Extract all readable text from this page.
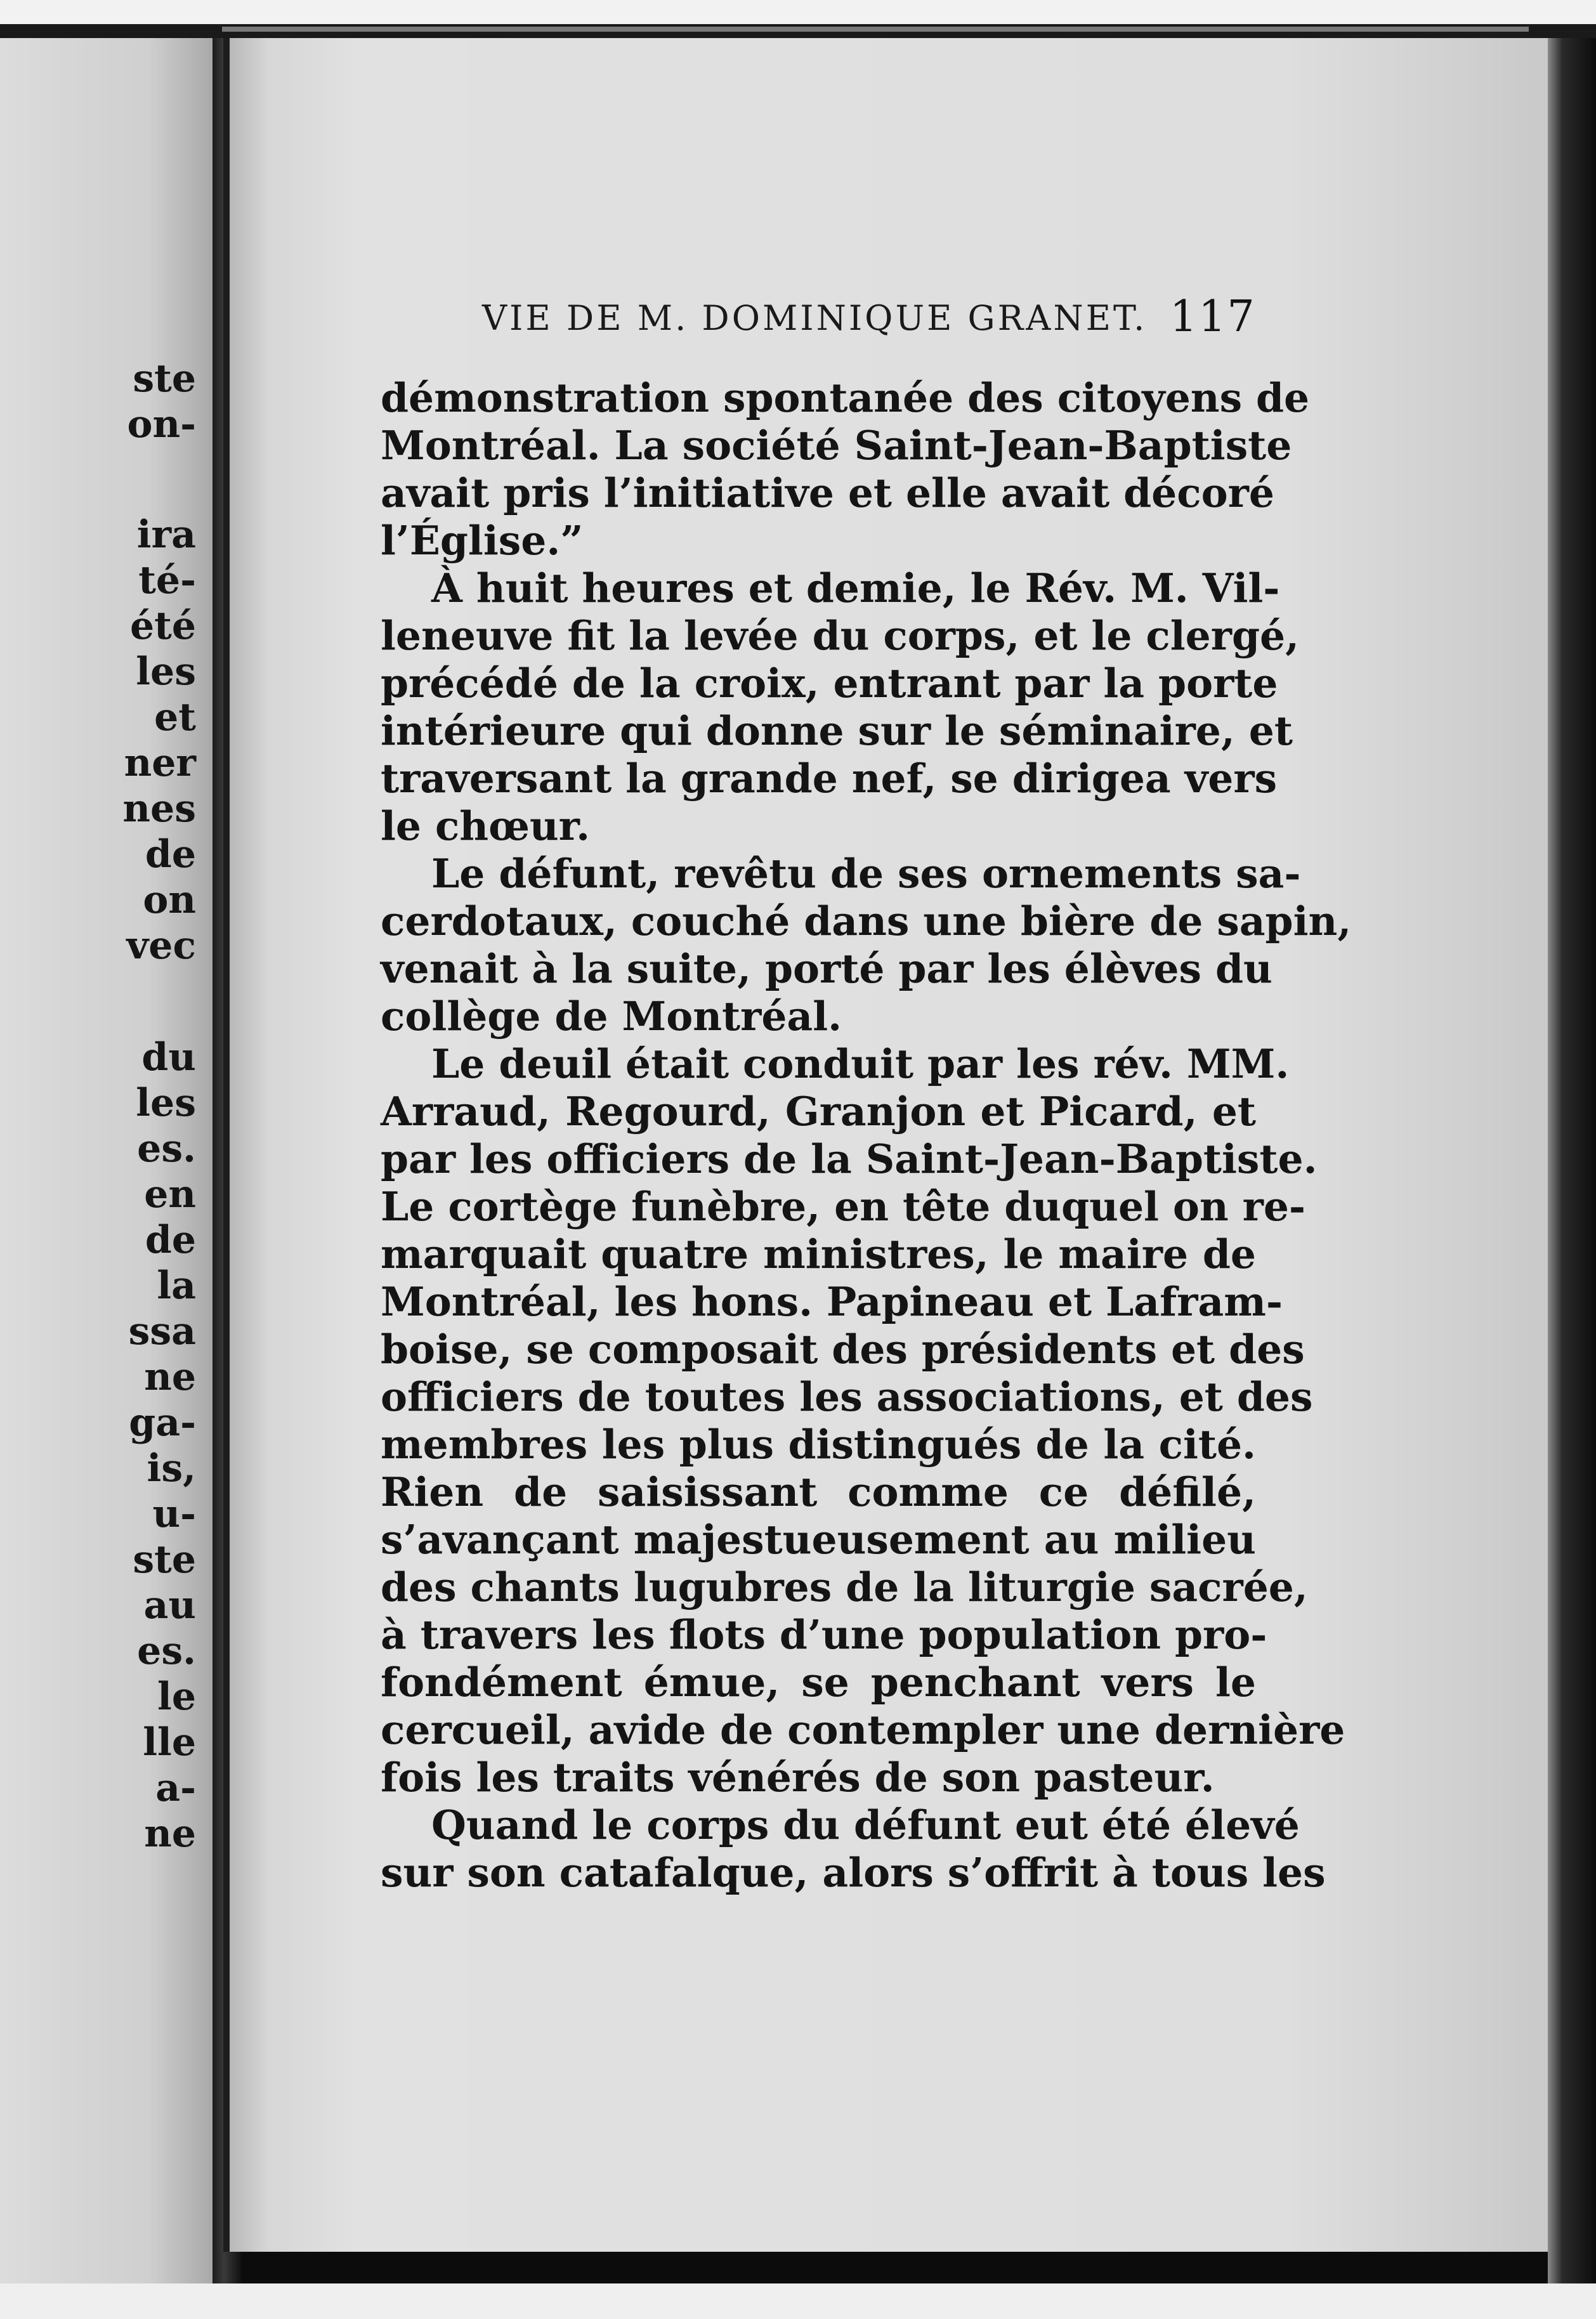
ste
on-
ira
té-
été
les
et
ner
nes
de
on
vec
du
les
es.
en
de
la
ssa
ne
ga-
is,
u-
ste
au
es.
le
lle
a-
ne
VIE DE M. DOMINIQUE GRANET. 117
démonstration spontanée des citoyens de
Montréal. La société Saint-Jean-Baptiste
avait pris l’initiative et elle avait décoré
l’Église.”
À huit heures et demie, le Rév. M. Vil-
leneuve fit la levée du corps, et le clergé,
précédé de la croix, entrant par la porte
intérieure qui donne sur le séminaire, et
traversant la grande nef, se dirigea vers
le chœur.
Le défunt, revêtu de ses ornements sa-
cerdotaux, couché dans une bière de sapin,
venait à la suite, porté par les élèves du
collège de Montréal.
Le deuil était conduit par les rév. MM.
Arraud, Regourd, Granjon et Picard, et
par les officiers de la Saint-Jean-Baptiste.
Le cortège funèbre, en tête duquel on re-
marquait quatre ministres, le maire de
Montréal, les hons. Papineau et Lafram-
boise, se composait des présidents et des
officiers de toutes les associations, et des
membres les plus distingués de la cité.
Rien de saisissant comme ce défilé,
s’avançant majestueusement au milieu
des chants lugubres de la liturgie sacrée,
à travers les flots d’une population pro-
fondément émue, se penchant vers le
cercueil, avide de contempler une dernière
fois les traits vénérés de son pasteur.
Quand le corps du défunt eut été élevé
sur son catafalque, alors s’offrit à tous les
